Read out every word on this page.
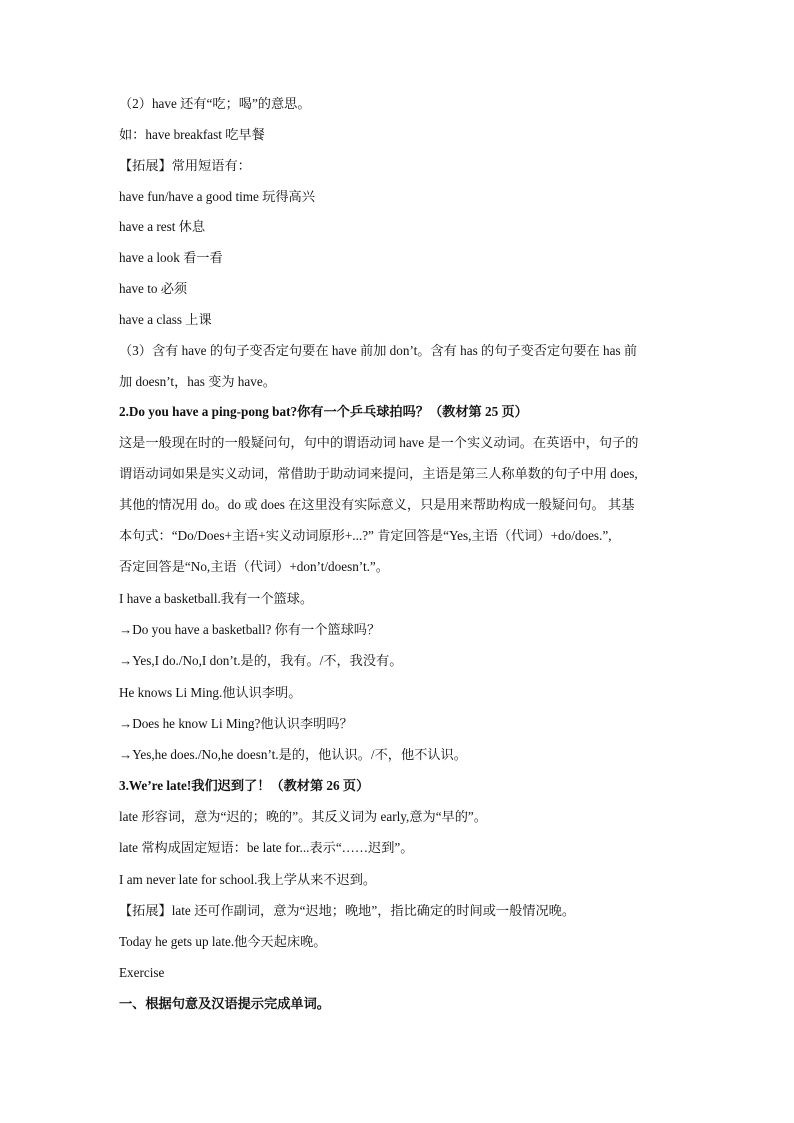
（2）have 还有“吃；喝”的意思。
如：have breakfast 吃早餐
【拓展】常用短语有：
have fun/have a good time 玩得高兴
have a rest 休息
have a look 看一看
have to 必须
have a class 上课
（3）含有 have 的句子变否定句要在 have 前加 don’t。含有 has 的句子变否定句要在 has 前
加 doesn’t，has 变为 have。
2.Do you have a ping-pong bat?你有一个乒乓球拍吗？（教材第 25 页）
这是一般现在时的一般疑问句，句中的谓语动词 have 是一个实义动词。在英语中，句子的
谓语动词如果是实义动词，常借助于助动词来提问，主语是第三人称单数的句子中用 does,
其他的情况用 do。do 或 does 在这里没有实际意义，只是用来帮助构成一般疑问句。 其基
本句式：“Do/Does+主语+实义动词原形+...?” 肯定回答是“Yes,主语（代词）+do/does.”,
否定回答是“No,主语（代词）+don’t/doesn’t.”。
I have a basketball.我有一个篮球。
→Do you have a basketball? 你有一个篮球吗？
→Yes,I do./No,I don’t.是的，我有。/不，我没有。
He knows Li Ming.他认识李明。
→Does he know Li Ming?他认识李明吗？
→Yes,he does./No,he doesn’t.是的，他认识。/不，他不认识。
3.We’re late!我们迟到了！（教材第 26 页）
late 形容词，意为“迟的；晚的”。其反义词为 early,意为“早的”。
late 常构成固定短语：be late for...表示“……迟到”。
I am never late for school.我上学从来不迟到。
【拓展】late 还可作副词，意为“迟地；晚地”，指比确定的时间或一般情况晚。
Today he gets up late.他今天起床晚。
Exercise
一、根据句意及汉语提示完成单词。
